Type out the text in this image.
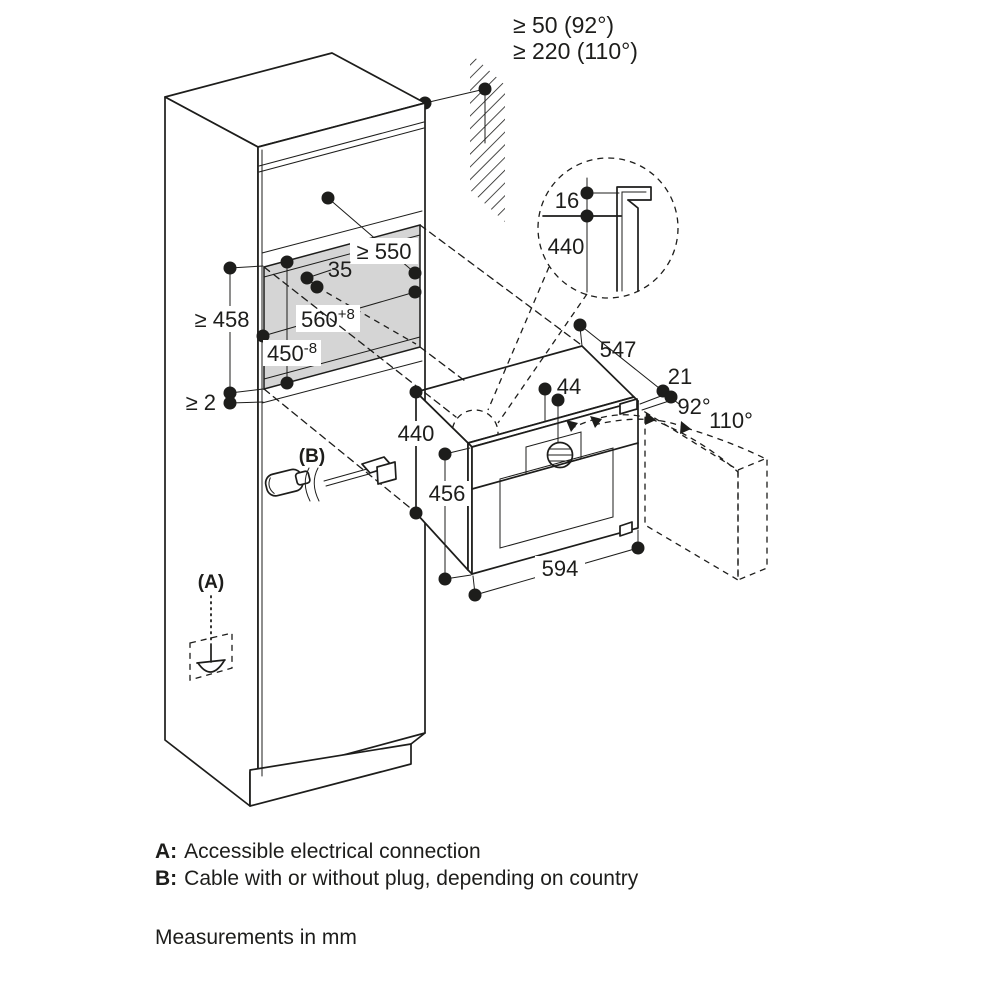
≥ 50 (92°)
≥ 220 (110°)
≥ 550
35
$560^{+8}$
$450^{-8}$
≥ 458
≥ 2
16
440
440
456
594
44
547
21
92°
110°
(A)
(B)
A: Accessible electrical connection
B: Cable with or without plug, depending on country
Measurements in mm
